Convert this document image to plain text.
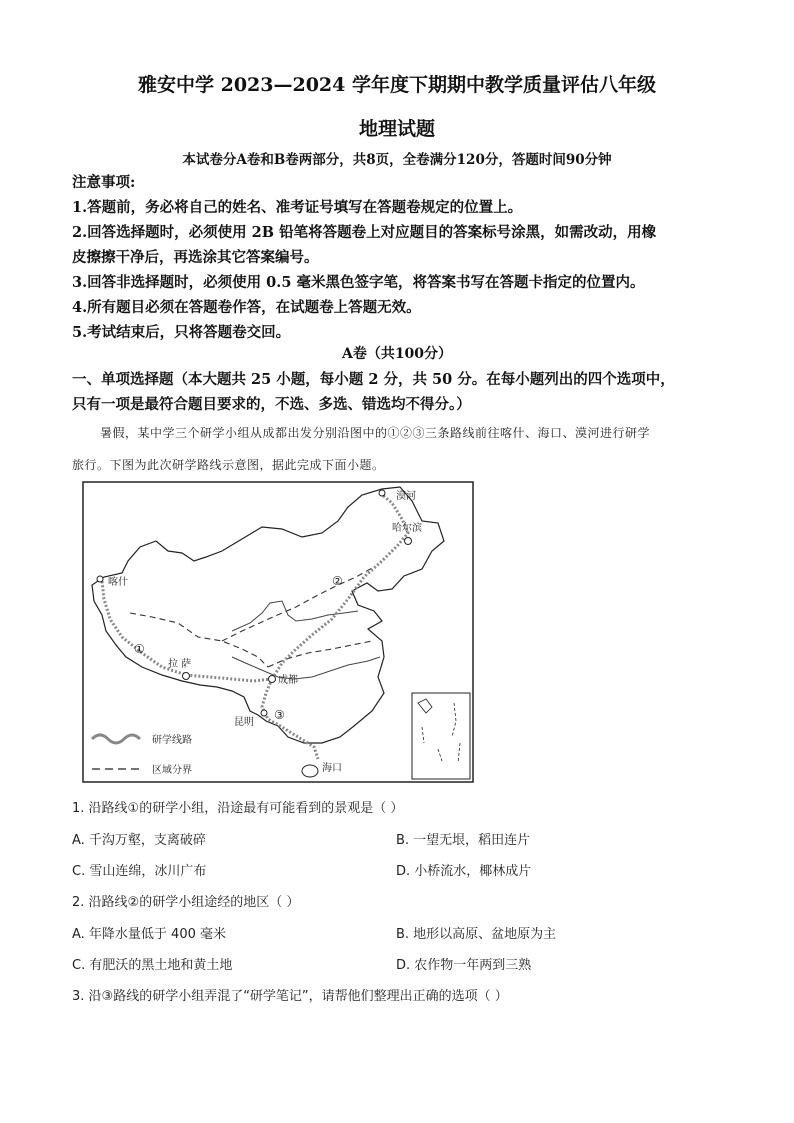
雅安中学 2023—2024 学年度下期期中教学质量评估八年级
地理试题
本试卷分A卷和B卷两部分，共8页，全卷满分120分，答题时间90分钟
注意事项:
1.答题前，务必将自己的姓名、准考证号填写在答题卷规定的位置上。
2.回答选择题时，必须使用 2B 铅笔将答题卷上对应题目的答案标号涂黑，如需改动，用橡
皮擦擦干净后，再选涂其它答案编号。
3.回答非选择题时，必须使用 0.5 毫米黑色签字笔，将答案书写在答题卡指定的位置内。
4.所有题目必须在答题卷作答，在试题卷上答题无效。
5.考试结束后，只将答题卷交回。
A卷（共100分）
一、单项选择题（本大题共 25 小题，每小题 2 分，共 50 分。在每小题列出的四个选项中，
只有一项是最符合题目要求的，不选、多选、错选均不得分。）
暑假，某中学三个研学小组从成都出发分别沿图中的①②③三条路线前往喀什、海口、漠河进行研学
旅行。下图为此次研学路线示意图，据此完成下面小题。
漠河
哈尔滨
喀什
拉 萨
成都
昆明
海口
①
②
③
研学线路
区域分界
1. 沿路线①的研学小组，沿途最有可能看到的景观是（ ）
A. 千沟万壑，支离破碎	B. 一望无垠，稻田连片
C. 雪山连绵，冰川广布	D. 小桥流水，椰林成片
2. 沿路线②的研学小组途经的地区（ ）
A. 年降水量低于 400 毫米	B. 地形以高原、盆地原为主
C. 有肥沃的黑土地和黄土地	D. 农作物一年两到三熟
3. 沿③路线的研学小组弄混了“研学笔记”，请帮他们整理出正确的选项（ ）
